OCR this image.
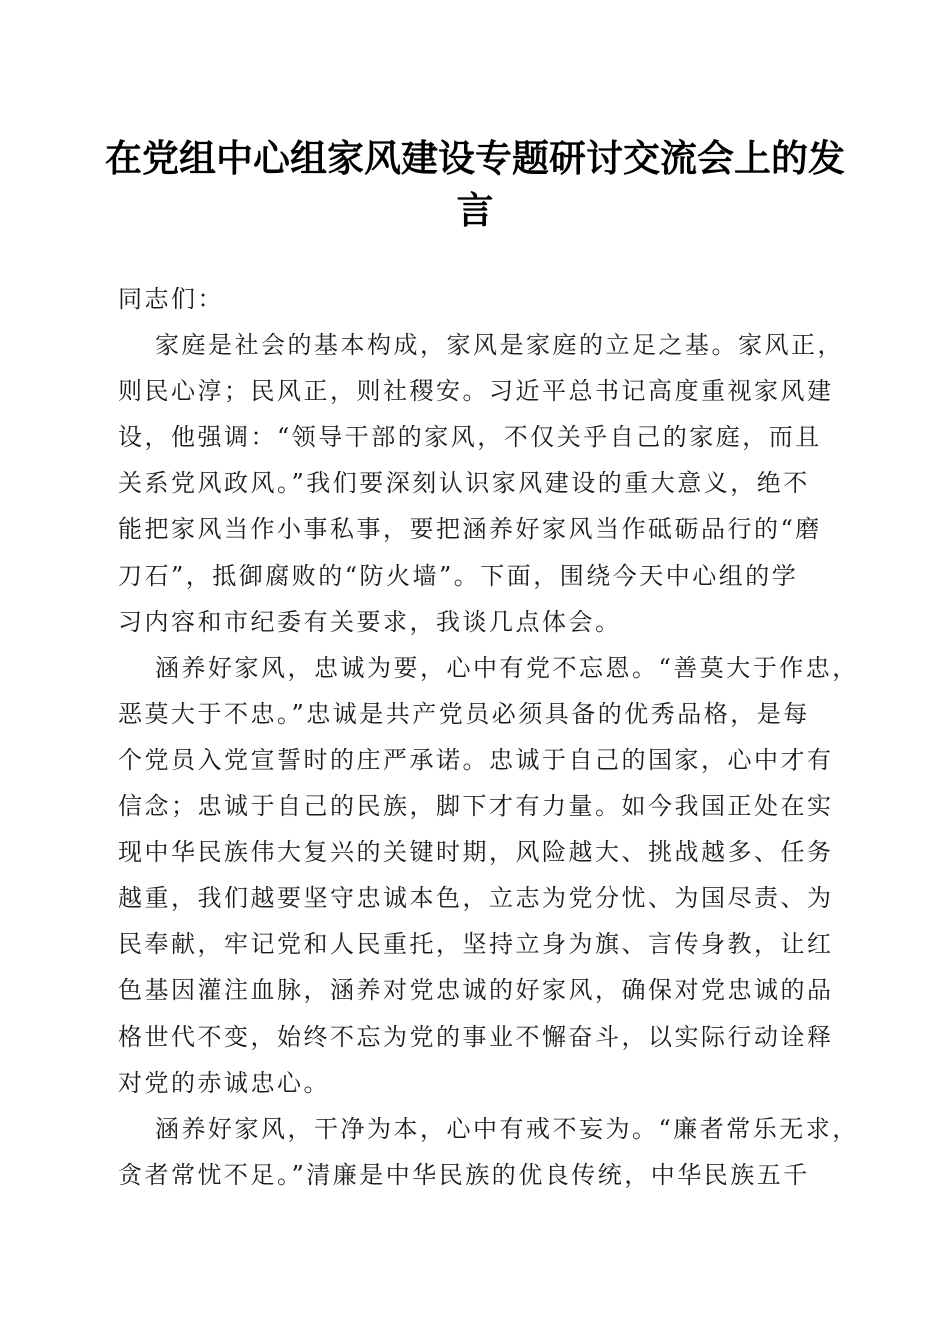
在党组中心组家风建设专题研讨交流会上的发
言

同志们：

家庭是社会的基本构成，家风是家庭的立足之基。家风正，
则民心淳；民风正，则社稷安。习近平总书记高度重视家风建
设，他强调：“领导干部的家风，不仅关乎自己的家庭，而且
关系党风政风。”我们要深刻认识家风建设的重大意义，绝不
能把家风当作小事私事，要把涵养好家风当作砥砺品行的“磨
刀石”，抵御腐败的“防火墙”。下面，围绕今天中心组的学
习内容和市纪委有关要求，我谈几点体会。
涵养好家风，忠诚为要，心中有党不忘恩。“善莫大于作忠，
恶莫大于不忠。”忠诚是共产党员必须具备的优秀品格，是每
个党员入党宣誓时的庄严承诺。忠诚于自己的国家，心中才有
信念；忠诚于自己的民族，脚下才有力量。如今我国正处在实
现中华民族伟大复兴的关键时期，风险越大、挑战越多、任务
越重，我们越要坚守忠诚本色，立志为党分忧、为国尽责、为
民奉献，牢记党和人民重托，坚持立身为旗、言传身教，让红
色基因灌注血脉，涵养对党忠诚的好家风，确保对党忠诚的品
格世代不变，始终不忘为党的事业不懈奋斗，以实际行动诠释
对党的赤诚忠心。
涵养好家风，干净为本，心中有戒不妄为。“廉者常乐无求，
贪者常忧不足。”清廉是中华民族的优良传统，中华民族五千
